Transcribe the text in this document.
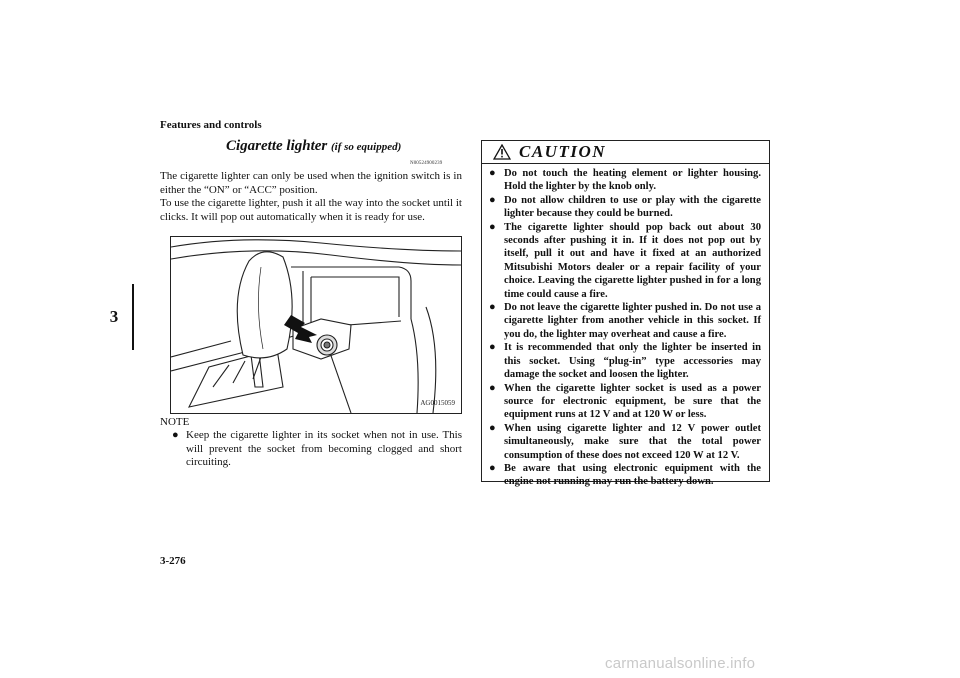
Features and controls
3
Cigarette lighter (if so equipped)
N00524900239

The cigarette lighter can only be used when the ignition switch is in either the “ON” or “ACC” position.

To use the cigarette lighter, push it all the way into the socket until it clicks. It will pop out automatically when it is ready for use.

AG0015059
NOTE
● Keep the cigarette lighter in its socket when not in use. This will prevent the socket from becoming clogged and short circuiting.
CAUTION
● Do not touch the heating element or lighter housing. Hold the lighter by the knob only.
● Do not allow children to use or play with the cigarette lighter because they could be burned.
● The cigarette lighter should pop back out about 30 seconds after pushing it in. If it does not pop out by itself, pull it out and have it fixed at an authorized Mitsubishi Motors dealer or a repair facility of your choice. Leaving the cigarette lighter pushed in for a long time could cause a fire.
● Do not leave the cigarette lighter pushed in. Do not use a cigarette lighter from another vehicle in this socket. If you do, the lighter may overheat and cause a fire.
● It is recommended that only the lighter be inserted in this socket. Using “plug-in” type accessories may damage the socket and loosen the lighter.
● When the cigarette lighter socket is used as a power source for electronic equipment, be sure that the equipment runs at 12 V and at 120 W or less.
● When using cigarette lighter and 12 V power outlet simultaneously, make sure that the total power consumption of these does not exceed 120 W at 12 V.
● Be aware that using electronic equipment with the engine not running may run the battery down.
3-276
carmanualsonline.info
